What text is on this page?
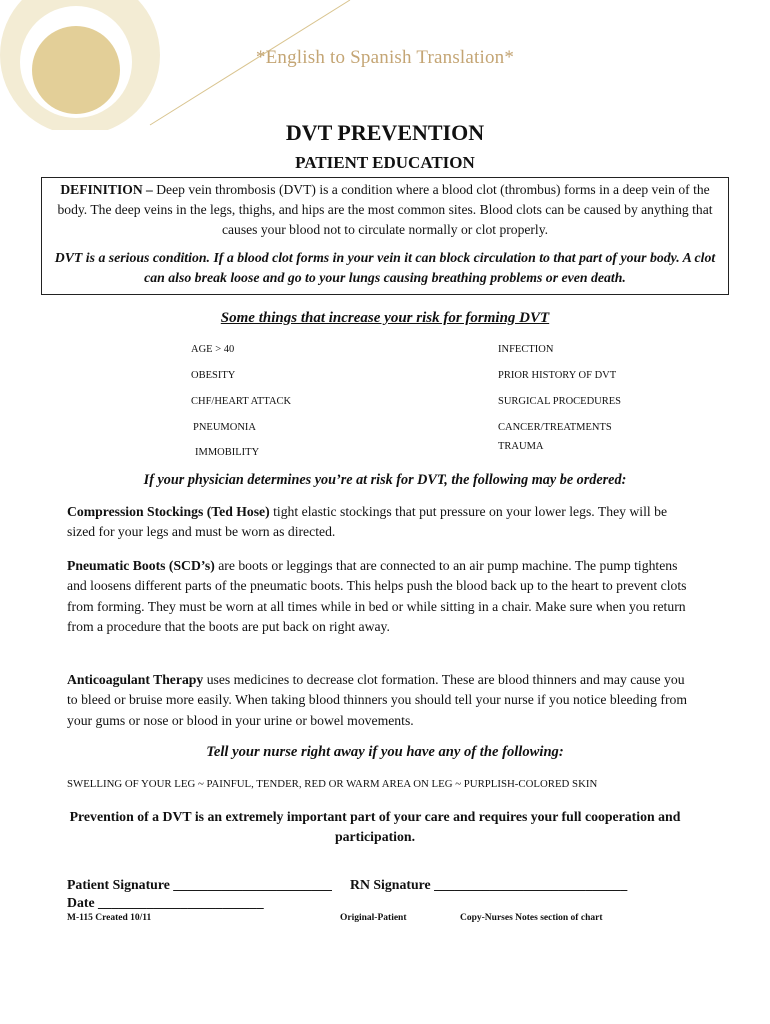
*English to Spanish Translation*
DVT PREVENTION
PATIENT EDUCATION

DEFINITION – Deep vein thrombosis (DVT) is a condition where a blood clot (thrombus) forms in a deep vein of the body. The deep veins in the legs, thighs, and hips are the most common sites. Blood clots can be caused by anything that causes your blood not to circulate normally or clot properly.

DVT is a serious condition. If a blood clot forms in your vein it can block circulation to that part of your body. A clot can also break loose and go to your lungs causing breathing problems or even death.

Some things that increase your risk for forming DVT
AGE > 40
OBESITY
CHF/HEART ATTACK
PNEUMONIA
IMMOBILITY
INFECTION
PRIOR HISTORY OF DVT
SURGICAL PROCEDURES
CANCER/TREATMENTS
TRAUMA
If your physician determines you’re at risk for DVT, the following may be ordered:
Compression Stockings (Ted Hose) tight elastic stockings that put pressure on your lower legs. They will be sized for your legs and must be worn as directed.
Pneumatic Boots (SCD’s) are boots or leggings that are connected to an air pump machine. The pump tightens and loosens different parts of the pneumatic boots. This helps push the blood back up to the heart to prevent clots from forming. They must be worn at all times while in bed or while sitting in a chair. Make sure when you return from a procedure that the boots are put back on right away.
Anticoagulant Therapy uses medicines to decrease clot formation. These are blood thinners and may cause you to bleed or bruise more easily. When taking blood thinners you should tell your nurse if you notice bleeding from your gums or nose or blood in your urine or bowel movements.
Tell your nurse right away if you have any of the following:
SWELLING OF YOUR LEG ~ PAINFUL, TENDER, RED OR WARM AREA ON LEG ~ PURPLISH-COLORED SKIN
Prevention of a DVT is an extremely important part of your care and requires your full cooperation and participation.
Patient Signature _______________________ RN Signature ____________________________
Date ________________________
M-115 Created 10/11	Original-Patient	Copy-Nurses Notes section of chart
